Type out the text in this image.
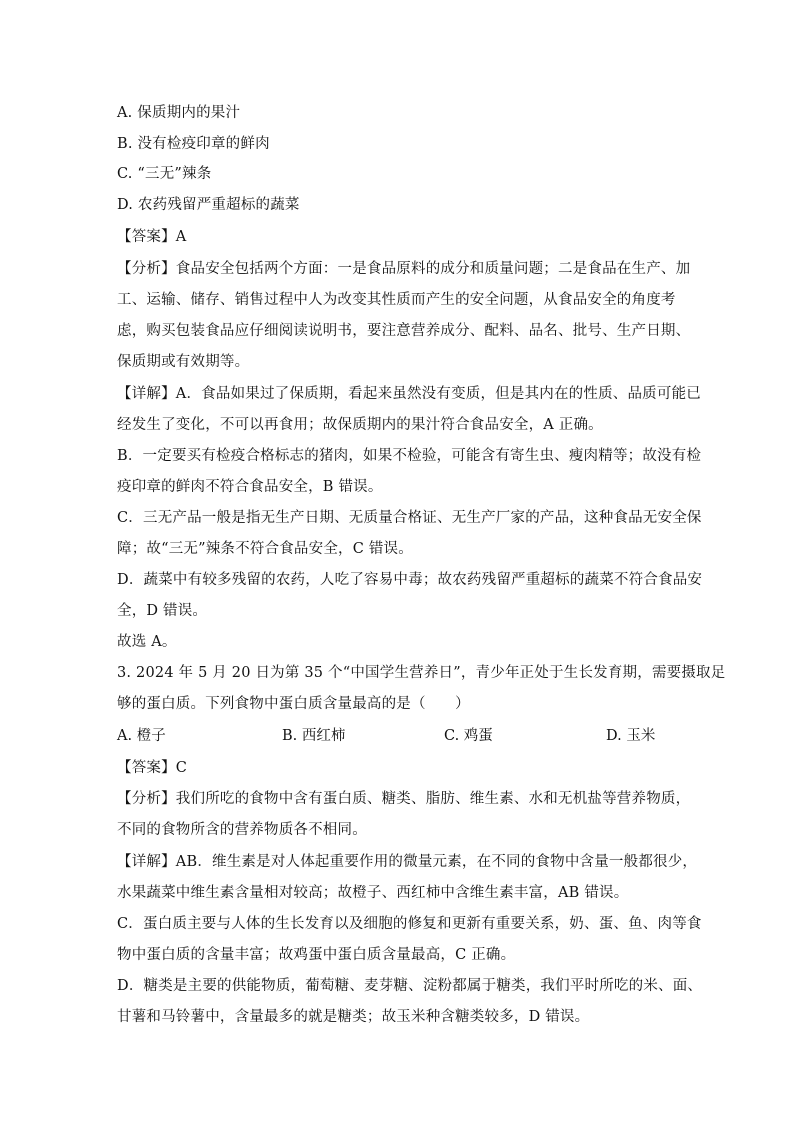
A. 保质期内的果汁
B. 没有检疫印章的鲜肉
C. “三无”辣条
D. 农药残留严重超标的蔬菜
【答案】A
【分析】食品安全包括两个方面：一是食品原料的成分和质量问题；二是食品在生产、加
工、运输、储存、销售过程中人为改变其性质而产生的安全问题，从食品安全的角度考
虑，购买包装食品应仔细阅读说明书，要注意营养成分、配料、品名、批号、生产日期、
保质期或有效期等。
【详解】A．食品如果过了保质期，看起来虽然没有变质，但是其内在的性质、品质可能已
经发生了变化，不可以再食用；故保质期内的果汁符合食品安全，A 正确。
B．一定要买有检疫合格标志的猪肉，如果不检验，可能含有寄生虫、瘦肉精等；故没有检
疫印章的鲜肉不符合食品安全，B 错误。
C．三无产品一般是指无生产日期、无质量合格证、无生产厂家的产品，这种食品无安全保
障；故“三无”辣条不符合食品安全，C 错误。
D．蔬菜中有较多残留的农药，人吃了容易中毒；故农药残留严重超标的蔬菜不符合食品安
全，D 错误。
故选 A。
3. 2024 年 5 月 20 日为第 35 个“中国学生营养日”，青少年正处于生长发育期，需要摄取足
够的蛋白质。下列食物中蛋白质含量最高的是（　　）
A. 橙子	B. 西红柿	C. 鸡蛋	D. 玉米
【答案】C
【分析】我们所吃的食物中含有蛋白质、糖类、脂肪、维生素、水和无机盐等营养物质，
不同的食物所含的营养物质各不相同。
【详解】AB．维生素是对人体起重要作用的微量元素，在不同的食物中含量一般都很少，
水果蔬菜中维生素含量相对较高；故橙子、西红柿中含维生素丰富，AB 错误。
C．蛋白质主要与人体的生长发育以及细胞的修复和更新有重要关系，奶、蛋、鱼、肉等食
物中蛋白质的含量丰富；故鸡蛋中蛋白质含量最高，C 正确。
D．糖类是主要的供能物质，葡萄糖、麦芽糖、淀粉都属于糖类，我们平时所吃的米、面、
甘薯和马铃薯中，含量最多的就是糖类；故玉米种含糖类较多，D 错误。
